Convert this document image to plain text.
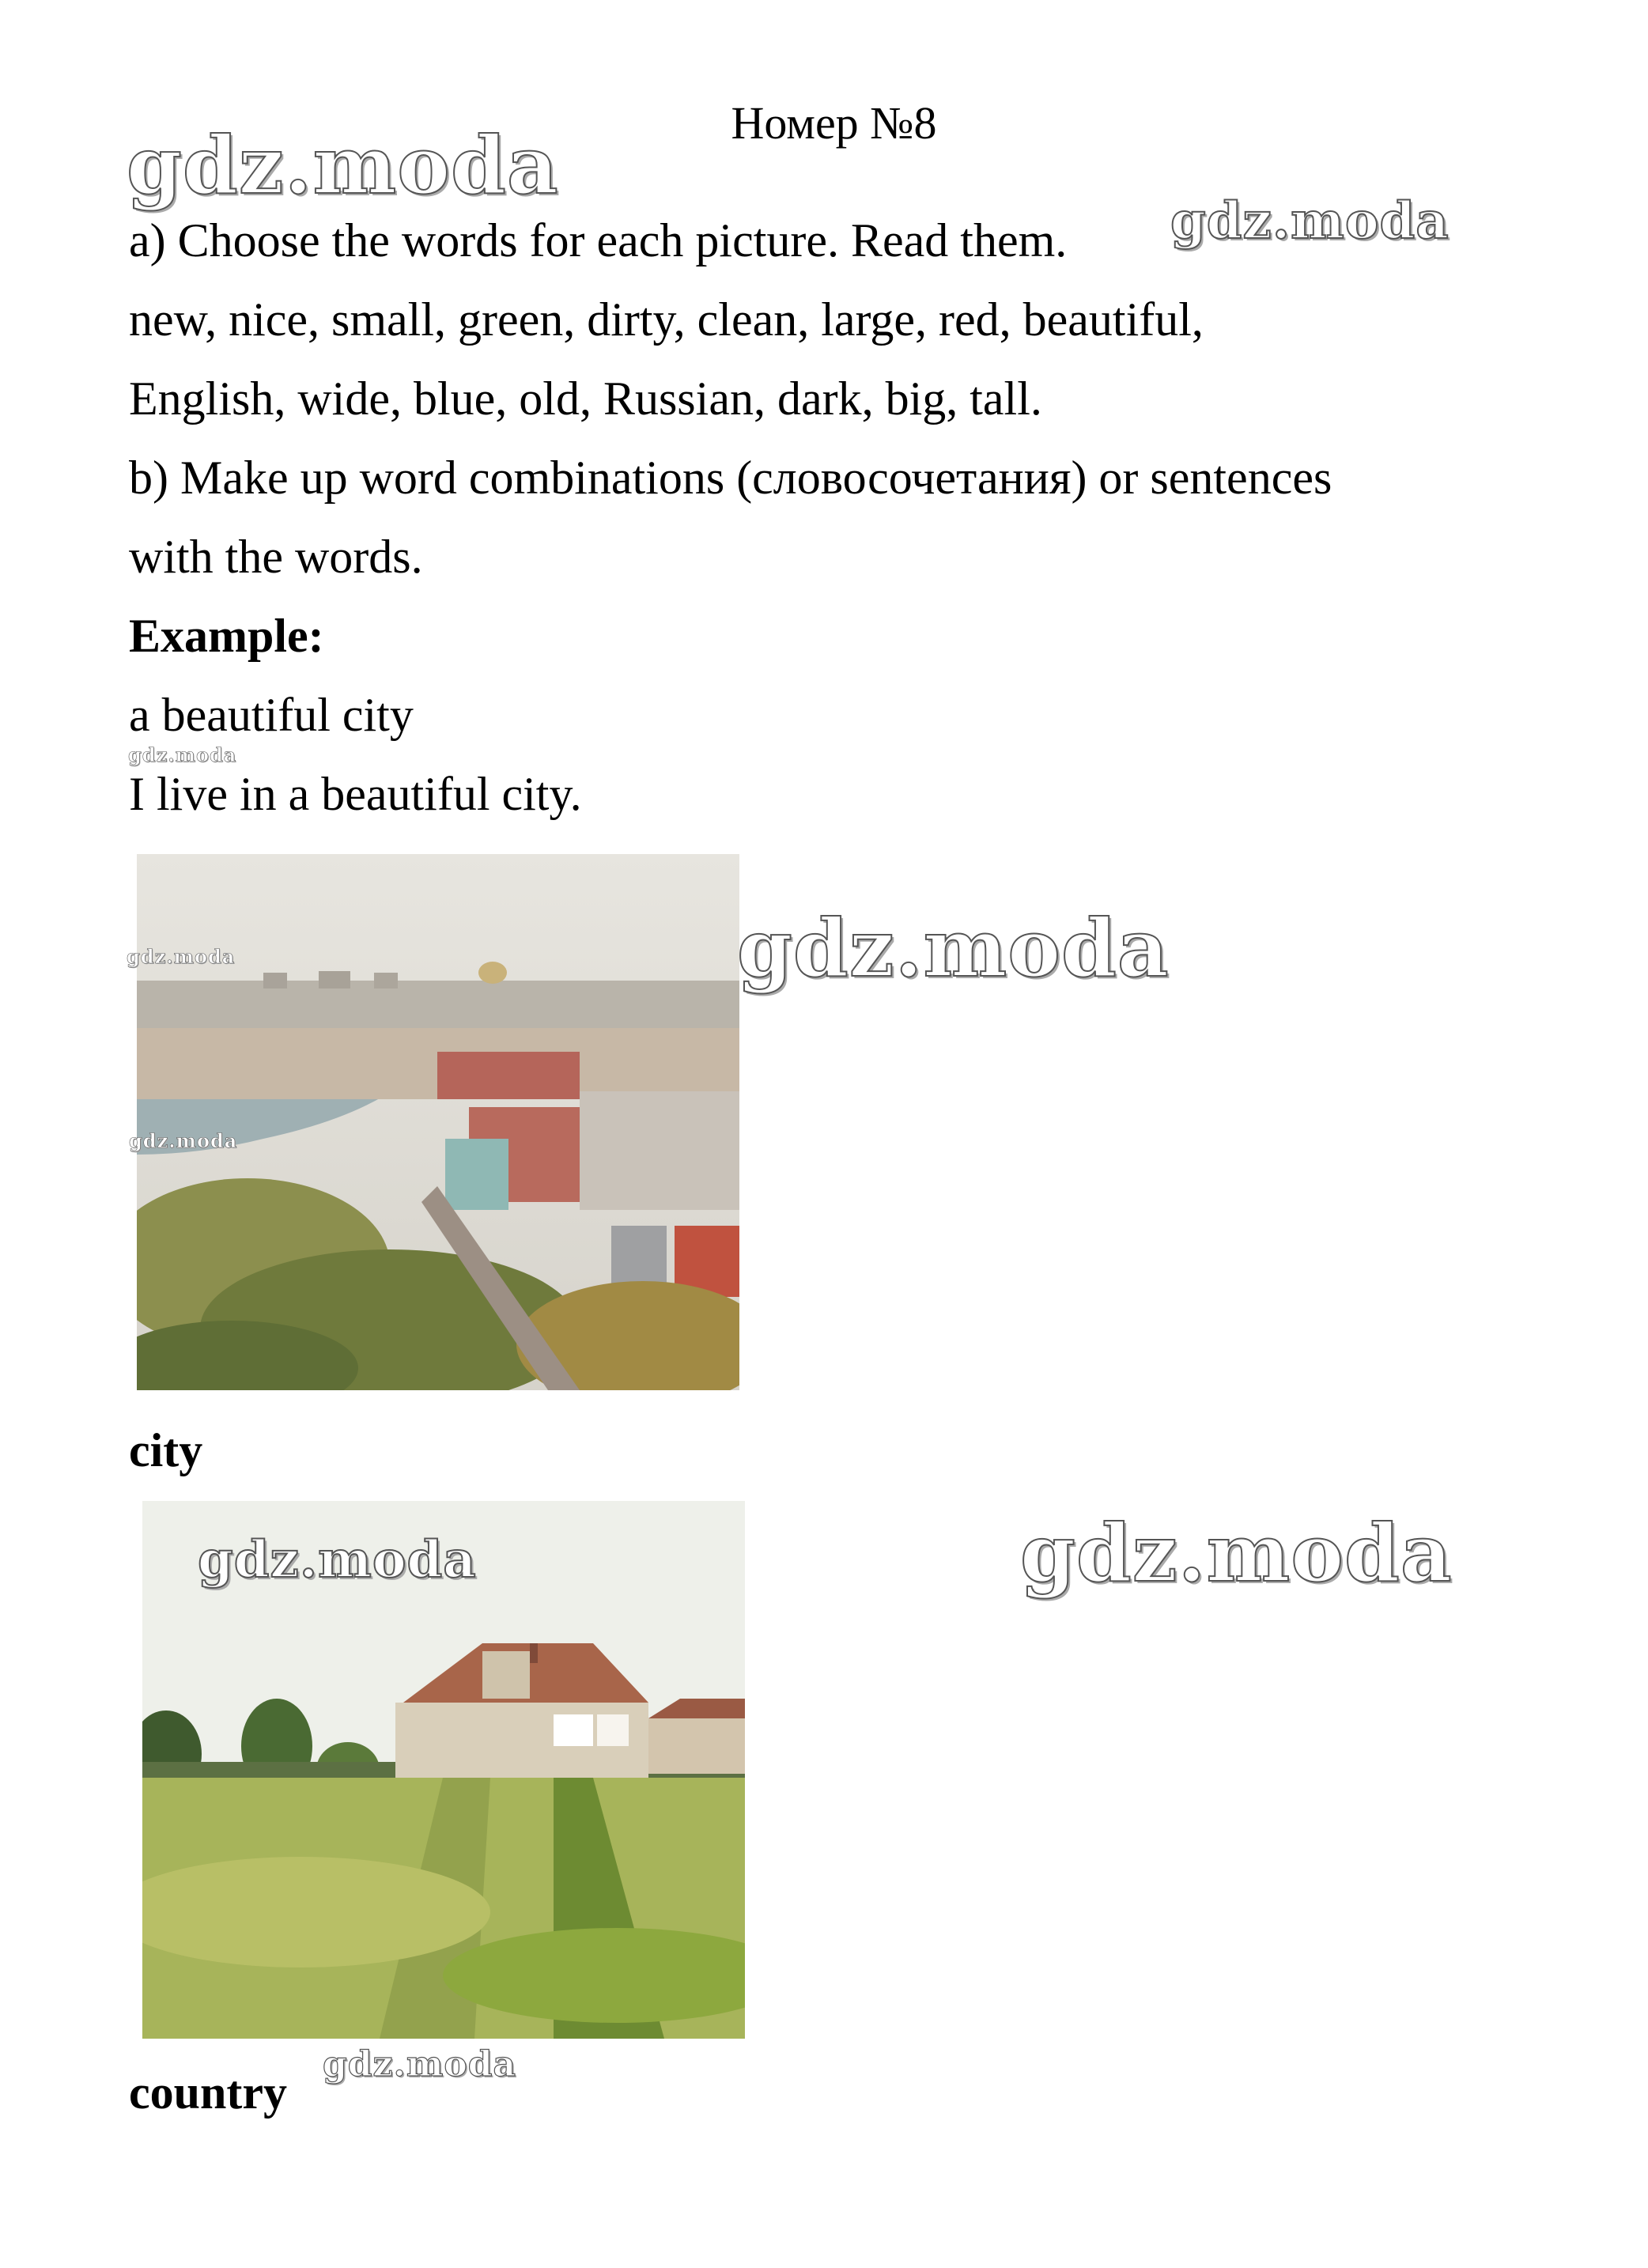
Номер №8
gdz.moda
gdz.moda
gdz.moda
a) Choose the words for each picture. Read them.
new, nice, small, green, dirty, clean, large, red, beautiful,
English, wide, blue, old, Russian, dark, big, tall.
b) Make up word combinations (словосочетания) or sentences
with the words.
Example:
a beautiful city
I live in a beautiful city.
gdz.moda
gdz.moda
gdz.moda
city
gdz.moda	gdz.moda
country
gdz.moda
